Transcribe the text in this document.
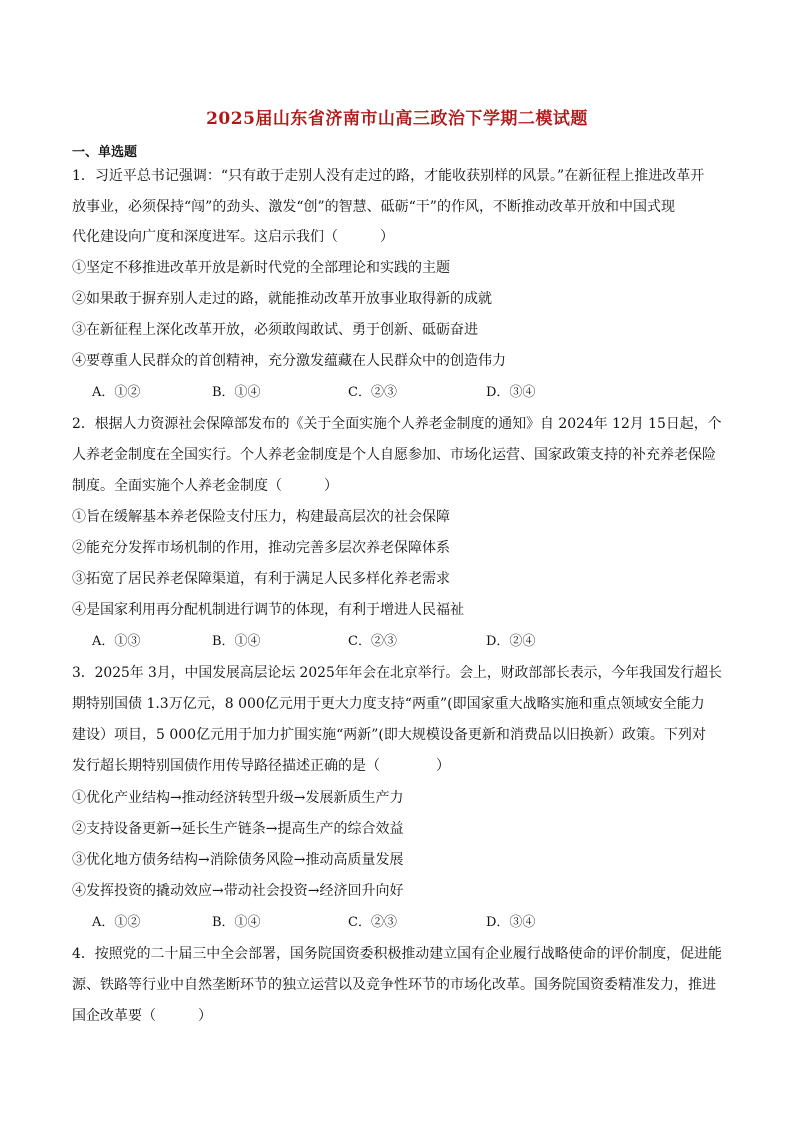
2025届山东省济南市山高三政治下学期二模试题
一、单选题
1．习近平总书记强调：“只有敢于走别人没有走过的路，才能收获别样的风景。”在新征程上推进改革开
放事业，必须保持“闯”的劲头、激发“创”的智慧、砥砺“干”的作风，不断推动改革开放和中国式现
代化建设向广度和深度进军。这启示我们（　　　）
①坚定不移推进改革开放是新时代党的全部理论和实践的主题
②如果敢于摒弃别人走过的路，就能推动改革开放事业取得新的成就
③在新征程上深化改革开放，必须敢闯敢试、勇于创新、砥砺奋进
④要尊重人民群众的首创精神，充分激发蕴藏在人民群众中的创造伟力
A．①②	B．①④	C．②③	D．③④
2．根据人力资源社会保障部发布的《关于全面实施个人养老金制度的通知》自 2024年 12月 15日起，个
人养老金制度在全国实行。个人养老金制度是个人自愿参加、市场化运营、国家政策支持的补充养老保险
制度。全面实施个人养老金制度（　　　）
①旨在缓解基本养老保险支付压力，构建最高层次的社会保障
②能充分发挥市场机制的作用，推动完善多层次养老保障体系
③拓宽了居民养老保障渠道，有利于满足人民多样化养老需求
④是国家利用再分配机制进行调节的体现，有利于增进人民福祉
A．①③	B．①④	C．②③	D．②④
3．2025年 3月，中国发展高层论坛 2025年年会在北京举行。会上，财政部部长表示，今年我国发行超长
期特别国债 1.3万亿元，8 000亿元用于更大力度支持“两重”(即国家重大战略实施和重点领域安全能力
建设）项目，5 000亿元用于加力扩围实施“两新”(即大规模设备更新和消费品以旧换新）政策。下列对
发行超长期特别国债作用传导路径描述正确的是（　　　　）
①优化产业结构→推动经济转型升级→发展新质生产力
②支持设备更新→延长生产链条→提高生产的综合效益
③优化地方债务结构→消除债务风险→推动高质量发展
④发挥投资的撬动效应→带动社会投资→经济回升向好
A．①②	B．①④	C．②③	D．③④
4．按照党的二十届三中全会部署，国务院国资委积极推动建立国有企业履行战略使命的评价制度，促进能
源、铁路等行业中自然垄断环节的独立运营以及竞争性环节的市场化改革。国务院国资委精准发力，推进
国企改革要（　　　）
